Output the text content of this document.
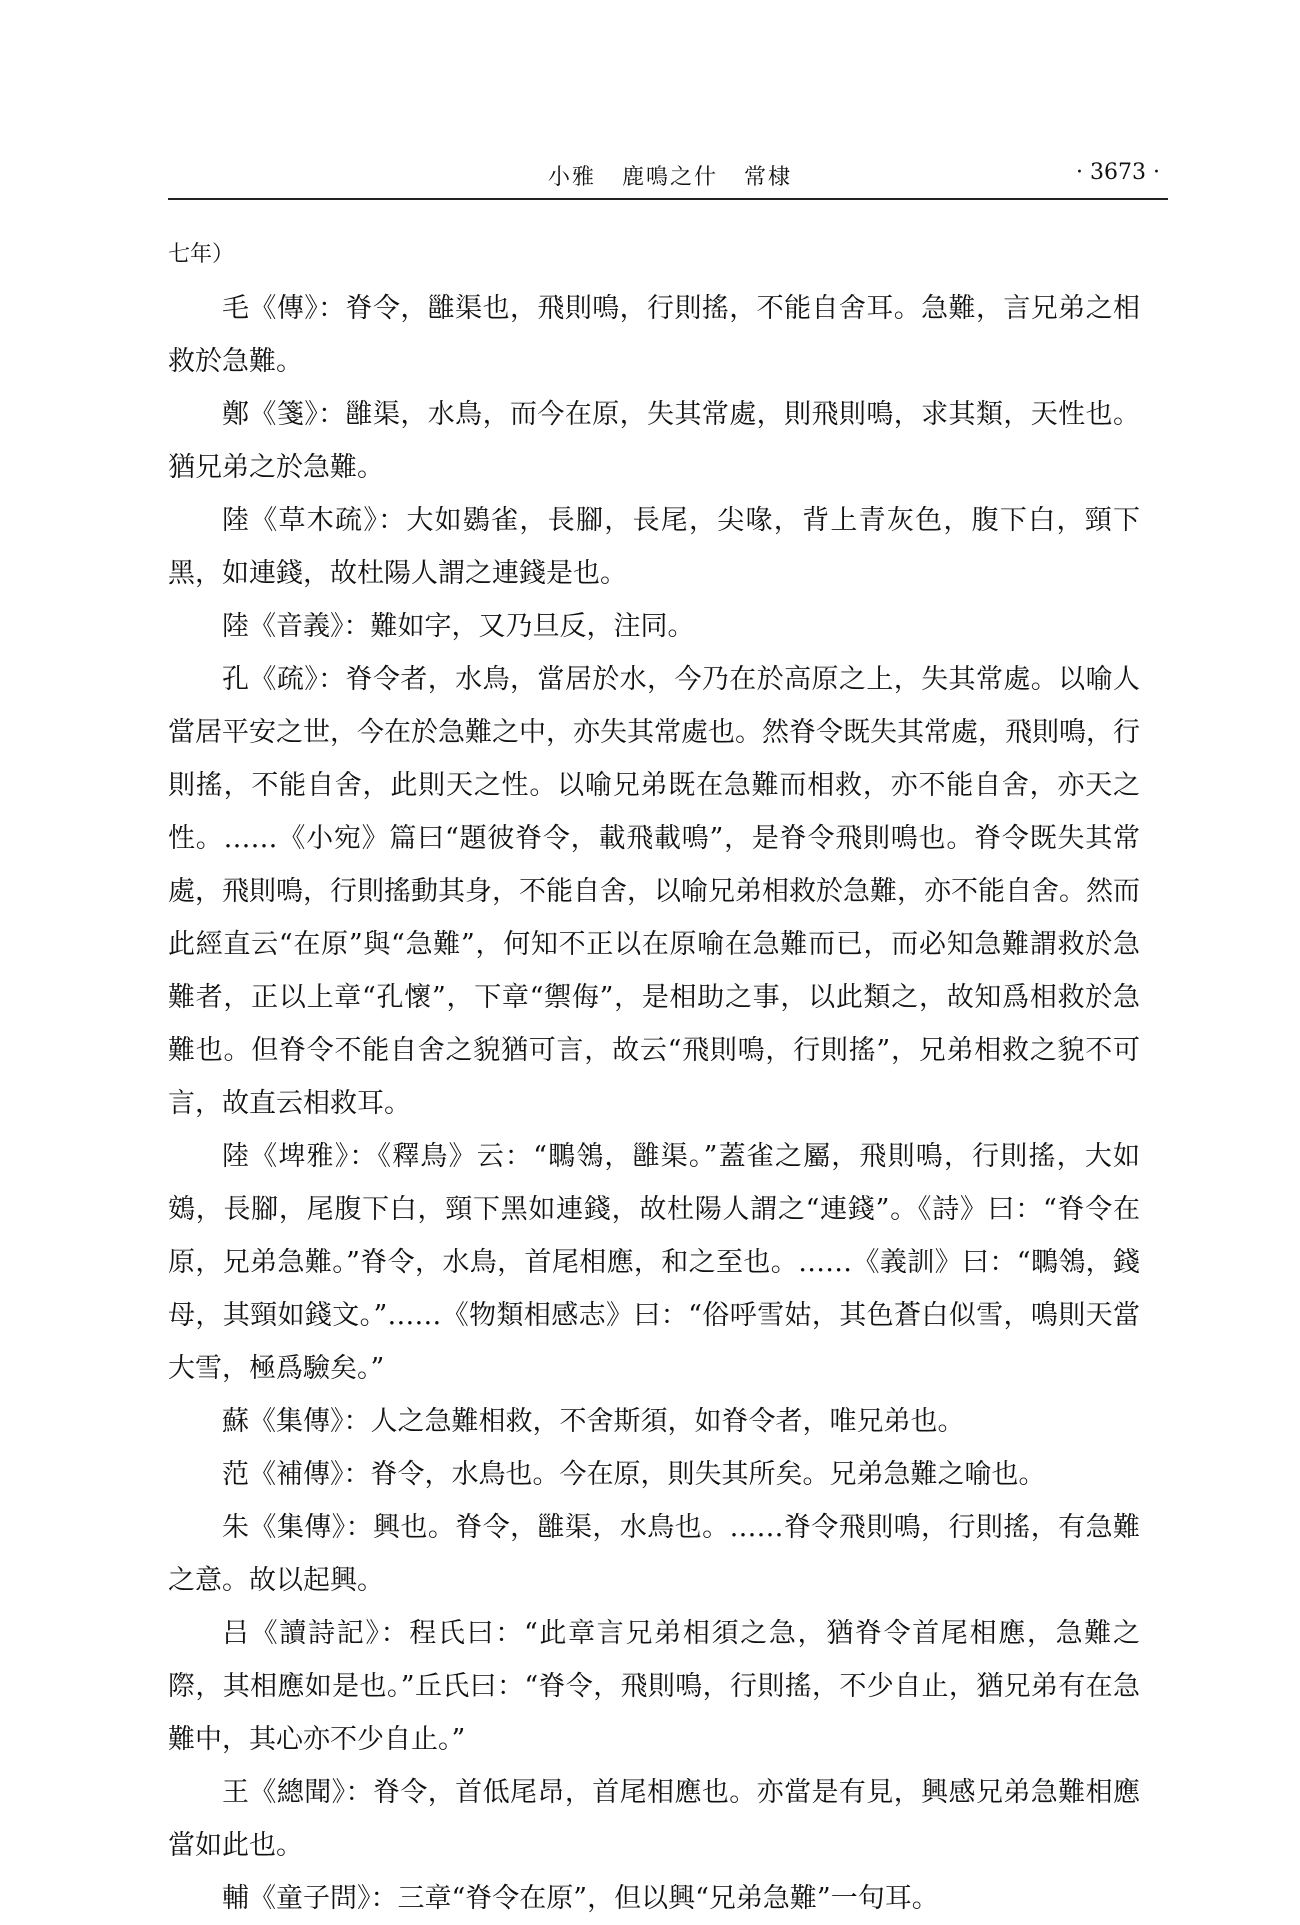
小雅 鹿鳴之什 常棣	· 3673 ·

七年）

毛《傳》：脊令，雝渠也，飛則鳴，行則搖，不能自舍耳。急難，言兄弟之相救於急難。

鄭《箋》：雝渠，水鳥，而今在原，失其常處，則飛則鳴，求其類，天性也。猶兄弟之於急難。

陸《草木疏》：大如鷃雀，長腳，長尾，尖喙，背上青灰色，腹下白，頸下黑，如連錢，故杜陽人謂之連錢是也。

陸《音義》：難如字，又乃旦反，注同。

孔《疏》：脊令者，水鳥，當居於水，今乃在於高原之上，失其常處。以喻人當居平安之世，今在於急難之中，亦失其常處也。然脊令既失其常處，飛則鳴，行則搖，不能自舍，此則天之性。以喻兄弟既在急難而相救，亦不能自舍，亦天之性。……《小宛》篇曰“題彼脊令，載飛載鳴”，是脊令飛則鳴也。脊令既失其常處，飛則鳴，行則搖動其身，不能自舍，以喻兄弟相救於急難，亦不能自舍。然而此經直云“在原”與“急難”，何知不正以在原喻在急難而已，而必知急難謂救於急難者，正以上章“孔懷”，下章“禦侮”，是相助之事，以此類之，故知爲相救於急難也。但脊令不能自舍之貌猶可言，故云“飛則鳴，行則搖”，兄弟相救之貌不可言，故直云相救耳。

陸《埤雅》：《釋鳥》云：“䳭鴒，雝渠。”蓋雀之屬，飛則鳴，行則搖，大如鴳，長腳，尾腹下白，頸下黑如連錢，故杜陽人謂之“連錢”。《詩》曰：“脊令在原，兄弟急難。”脊令，水鳥，首尾相應，和之至也。……《義訓》曰：“䳭鴒，錢母，其頸如錢文。”……《物類相感志》曰：“俗呼雪姑，其色蒼白似雪，鳴則天當大雪，極爲驗矣。”

蘇《集傳》：人之急難相救，不舍斯須，如脊令者，唯兄弟也。

范《補傳》：脊令，水鳥也。今在原，則失其所矣。兄弟急難之喻也。

朱《集傳》：興也。脊令，雝渠，水鳥也。……脊令飛則鳴，行則搖，有急難之意。故以起興。

吕《讀詩記》：程氏曰：“此章言兄弟相須之急，猶脊令首尾相應，急難之際，其相應如是也。”丘氏曰：“脊令，飛則鳴，行則搖，不少自止，猶兄弟有在急難中，其心亦不少自止。”

王《總聞》：脊令，首低尾昂，首尾相應也。亦當是有見，興感兄弟急難相應當如此也。

輔《童子問》：三章“脊令在原”，但以興“兄弟急難”一句耳。
